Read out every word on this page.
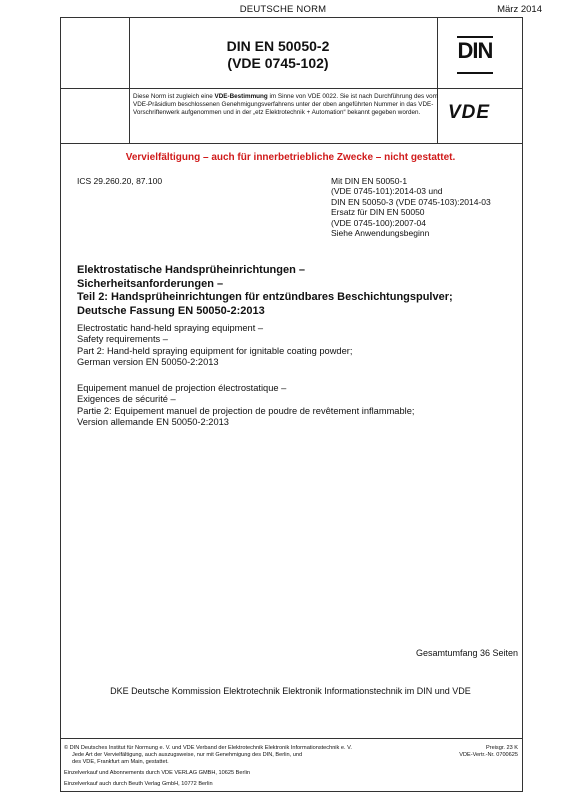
DEUTSCHE NORM	März 2014
DIN EN 50050-2
(VDE 0745-102)	DIN
Diese Norm ist zugleich eine VDE-Bestimmung im Sinne von VDE 0022. Sie ist nach Durchführung des vom VDE-Präsidium beschlossenen Genehmigungsverfahrens unter der oben angeführten Nummer in das VDE-Vorschriftenwerk aufgenommen und in der „etz Elektrotechnik + Automation“ bekannt gegeben worden.	VDE
Vervielfältigung – auch für innerbetriebliche Zwecke – nicht gestattet.
ICS 29.260.20, 87.100	Mit DIN EN 50050-1
(VDE 0745-101):2014-03 und
DIN EN 50050-3 (VDE 0745-103):2014-03
Ersatz für DIN EN 50050
(VDE 0745-100):2007-04
Siehe Anwendungsbeginn
Elektrostatische Handsprüheinrichtungen –
Sicherheitsanforderungen –
Teil 2: Handsprüheinrichtungen für entzündbares Beschichtungspulver;
Deutsche Fassung EN 50050-2:2013
Electrostatic hand-held spraying equipment –
Safety requirements –
Part 2: Hand-held spraying equipment for ignitable coating powder;
German version EN 50050-2:2013
Equipement manuel de projection électrostatique –
Exigences de sécurité –
Partie 2: Equipement manuel de projection de poudre de revêtement inflammable;
Version allemande EN 50050-2:2013
Gesamtumfang 36 Seiten
DKE Deutsche Kommission Elektrotechnik Elektronik Informationstechnik im DIN und VDE
© DIN Deutsches Institut für Normung e. V. und VDE Verband der Elektrotechnik Elektronik Informationstechnik e. V.
Jede Art der Vervielfältigung, auch auszugsweise, nur mit Genehmigung des DIN, Berlin, und
des VDE, Frankfurt am Main, gestattet.
Preisgr. 23 K
VDE-Vertr.-Nr. 0700625
Einzelverkauf und Abonnements durch VDE VERLAG GMBH, 10625 Berlin
Einzelverkauf auch durch Beuth Verlag GmbH, 10772 Berlin
